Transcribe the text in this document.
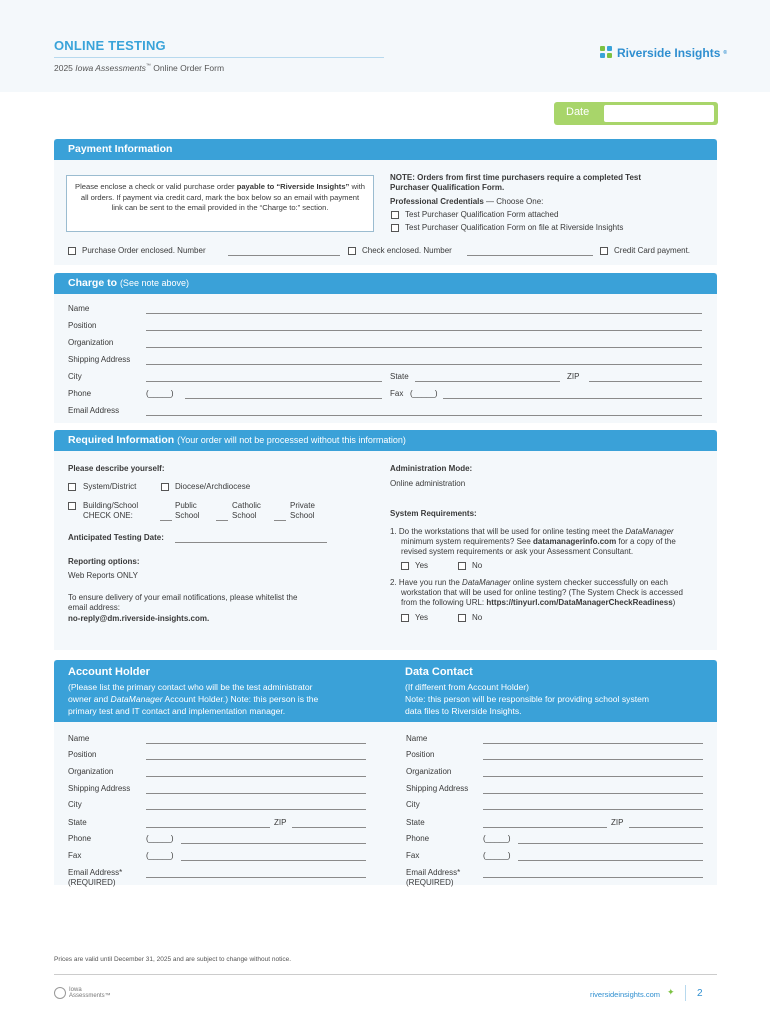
ONLINE TESTING
2025 Iowa Assessments™ Online Order Form
Riverside Insights ®
Date
Payment Information
Please enclose a check or valid purchase order payable to “Riverside Insights” with all orders. If payment via credit card, mark the box below so an email with payment link can be sent to the email provided in the “Charge to:” section.
NOTE: Orders from first time purchasers require a completed Test Purchaser Qualification Form.
Professional Credentials — Choose One:
Test Purchaser Qualification Form attached
Test Purchaser Qualification Form on file at Riverside Insights
Purchase Order enclosed. Number	Check enclosed. Number	Credit Card payment.
Charge to (See note above)
Name
Position
Organization
Shipping Address
City	State	ZIP
Phone	(_____)	Fax (_____)
Email Address
Required Information (Your order will not be processed without this information)
Please describe yourself:
System/District	Diocese/Archdiocese
Building/School
CHECK ONE:
Public
School
Catholic
School
Private
School
Anticipated Testing Date:
Reporting options:
Web Reports ONLY
To ensure delivery of your email notifications, please whitelist the
email address:
no-reply@dm.riverside-insights.com.
Administration Mode:
Online administration
System Requirements:
1. Do the workstations that will be used for online testing meet the DataManager
minimum system requirements? See datamanagerinfo.com for a copy of the
revised system requirements or ask your Assessment Consultant.
Yes	No
2. Have you run the DataManager online system checker successfully on each
workstation that will be used for online testing? (The System Check is accessed
from the following URL: https://tinyurl.com/DataManagerCheckReadiness)
Yes	No
Account Holder
(Please list the primary contact who will be the test administrator
owner and DataManager Account Holder.) Note: this person is the
primary test and IT contact and implementation manager.
Data Contact
(If different from Account Holder)
Note: this person will be responsible for providing school system
data files to Riverside Insights.
Name
Position
Organization
Shipping Address
City
State	ZIP
Phone	(_____)
Fax	(_____)
Email Address*
(REQUIRED)
Name
Position
Organization
Shipping Address
City
State	ZIP
Phone	(_____)
Fax	(_____)
Email Address*
(REQUIRED)
Prices are valid until December 31, 2025 and are subject to change without notice.
Iowa
Assessments™	riversideinsights.com ✦ 2
